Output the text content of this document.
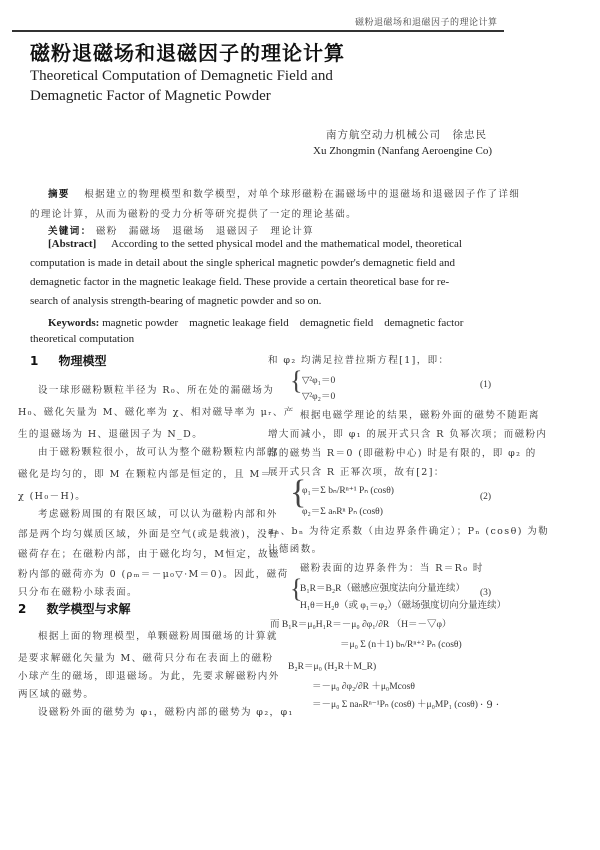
磁粉退磁场和退磁因子的理论计算
磁粉退磁场和退磁因子的理论计算
Theoretical Computation of Demagnetic Field and
Demagnetic Factor of Magnetic Powder
南方航空动力机械公司　徐忠民
Xu Zhongmin (Nanfang Aeroengine Co)
摘要 根据建立的物理模型和数学模型，对单个球形磁粉在漏磁场中的退磁场和退磁因子作了详细
的理论计算，从而为磁粉的受力分析等研究提供了一定的理论基础。
关键词： 磁粉　漏磁场　退磁场　退磁因子　理论计算
[Abstract] According to the setted physical model and the mathematical model, theoretical
computation is made in detail about the single spherical magnetic powder's demagnetic field and
demagnetic factor in the magnetic leakage field. These provide a certain theoretical base for re-
search of analysis strength-bearing of magnetic powder and so on.
Keywords: magnetic powder　magnetic leakage field　demagnetic field　demagnetic factor
theoretical computation
1 物理模型
设一球形磁粉颗粒半径为 R₀、所在处的漏磁场为
H₀、磁化矢量为 M、磁化率为 χ、相对磁导率为 μᵣ、产
生的退磁场为 H、退磁因子为 N_D。
由于磁粉颗粒很小，故可认为整个磁粉颗粒内部的
磁化是均匀的，即 M 在颗粒内部是恒定的，且 M＝
χ (H₀－H)。
考虑磁粉周围的有限区域，可以认为磁粉内部和外
部是两个均匀媒质区域，外面是空气(或是载液)，没有
磁荷存在；在磁粉内部，由于磁化均匀，M恒定，故磁
粉内部的磁荷亦为 0 (ρₘ＝－μ₀▽·M＝0)。因此，磁荷
只分布在磁粉小球表面。
2 数学模型与求解
根据上面的物理模型，单颗磁粉周围磁场的计算就
是要求解磁化矢量为 M、磁荷只分布在表面上的磁粉
小球产生的磁场，即退磁场。为此，先要求解磁粉内外
两区域的磁势。
设磁粉外面的磁势为 φ₁，磁粉内部的磁势为 φ₂，φ₁
和 φ₂ 均满足拉普拉斯方程[1]，即：
{ ▽²φ₁＝0
▽²φ₂＝0
(1)
根据电磁学理论的结果，磁粉外面的磁势不随距离
增大而减小，即 φ₁ 的展开式只含 R 负幂次项；而磁粉内
部的磁势当 R＝0 (即磁粉中心) 时是有限的，即 φ₂ 的
展开式只含 R 正幂次项，故有[2]：
{
φ₁＝Σ bₙ/Rⁿ⁺¹ Pₙ (cosθ)
φ₂＝Σ aₙRⁿ Pₙ (cosθ)
(2)
aₙ、bₙ 为待定系数（由边界条件确定）；Pₙ (cosθ) 为勒
让德函数。
磁粉表面的边界条件为：当 R＝R₀ 时
{
B₁R＝B₂R（磁感应强度法向分量连续）
H₁θ＝H₂θ（或 φ₁＝φ₂）（磁场强度切向分量连续）
(3)
而 B₁R＝μ₀H₁R＝－μ₀ ∂φ₁/∂R （H＝－▽φ）
＝μ₀ Σ (n＋1) bₙ/Rⁿ⁺² Pₙ (cosθ)
B₂R＝μ₀ (H₂R＋M_R)
＝－μ₀ ∂φ₂/∂R ＋μ₀Mcosθ
＝－μ₀ Σ naₙRⁿ⁻¹Pₙ (cosθ) ＋μ₀MP₁ (cosθ) · 9 ·
